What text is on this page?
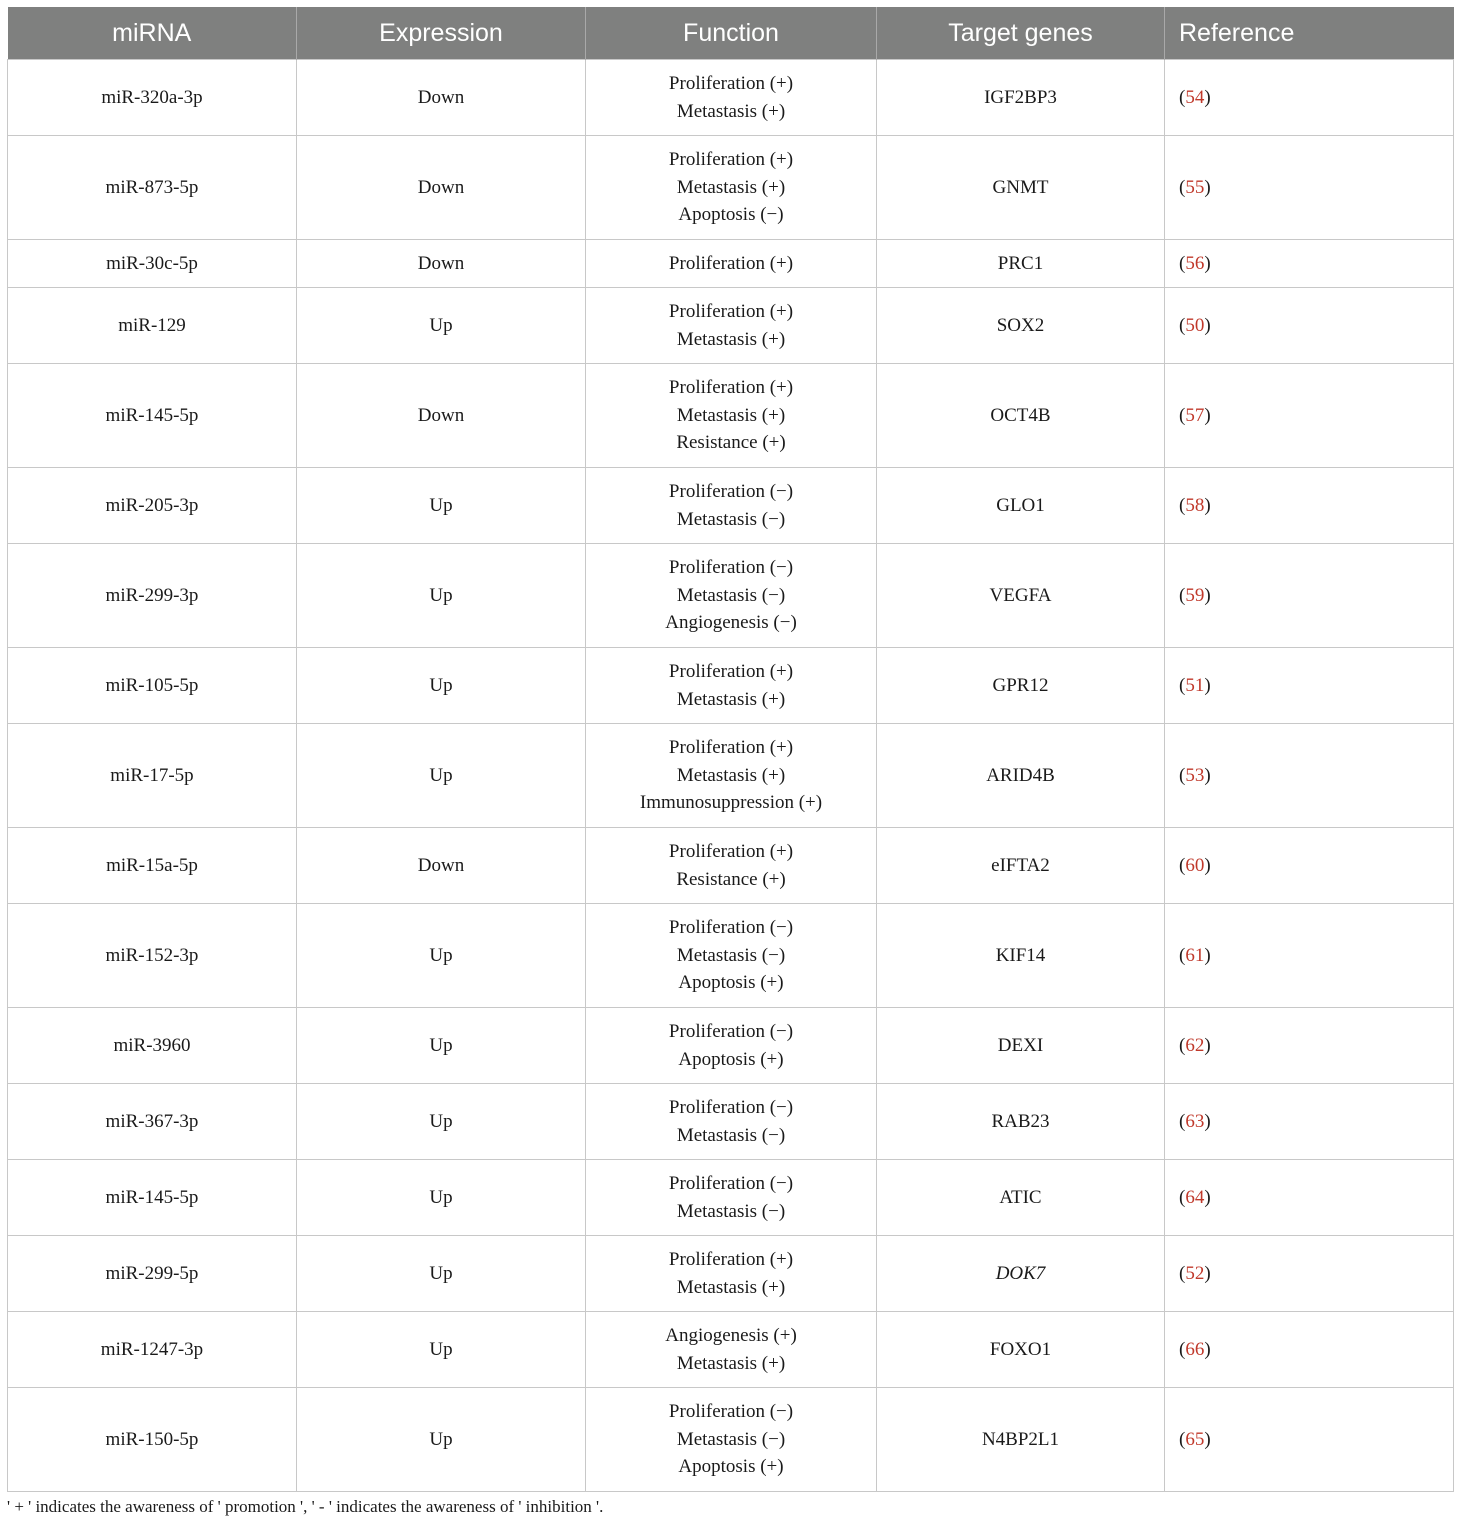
miRNA	Expression	Function	Target genes	Reference
miR-320a-3p	Down	Proliferation (+)
Metastasis (+)	IGF2BP3	(54)
miR-873-5p	Down	Proliferation (+)
Metastasis (+)
Apoptosis (−)	GNMT	(55)
miR-30c-5p	Down	Proliferation (+)	PRC1	(56)
miR-129	Up	Proliferation (+)
Metastasis (+)	SOX2	(50)
miR-145-5p	Down	Proliferation (+)
Metastasis (+)
Resistance (+)	OCT4B	(57)
miR-205-3p	Up	Proliferation (−)
Metastasis (−)	GLO1	(58)
miR-299-3p	Up	Proliferation (−)
Metastasis (−)
Angiogenesis (−)	VEGFA	(59)
miR-105-5p	Up	Proliferation (+)
Metastasis (+)	GPR12	(51)
miR-17-5p	Up	Proliferation (+)
Metastasis (+)
Immunosuppression (+)	ARID4B	(53)
miR-15a-5p	Down	Proliferation (+)
Resistance (+)	eIFTA2	(60)
miR-152-3p	Up	Proliferation (−)
Metastasis (−)
Apoptosis (+)	KIF14	(61)
miR-3960	Up	Proliferation (−)
Apoptosis (+)	DEXI	(62)
miR-367-3p	Up	Proliferation (−)
Metastasis (−)	RAB23	(63)
miR-145-5p	Up	Proliferation (−)
Metastasis (−)	ATIC	(64)
miR-299-5p	Up	Proliferation (+)
Metastasis (+)	DOK7	(52)
miR-1247-3p	Up	Angiogenesis (+)
Metastasis (+)	FOXO1	(66)
miR-150-5p	Up	Proliferation (−)
Metastasis (−)
Apoptosis (+)	N4BP2L1	(65)
' + ' indicates the awareness of ' promotion ', ' - ' indicates the awareness of ' inhibition '.
